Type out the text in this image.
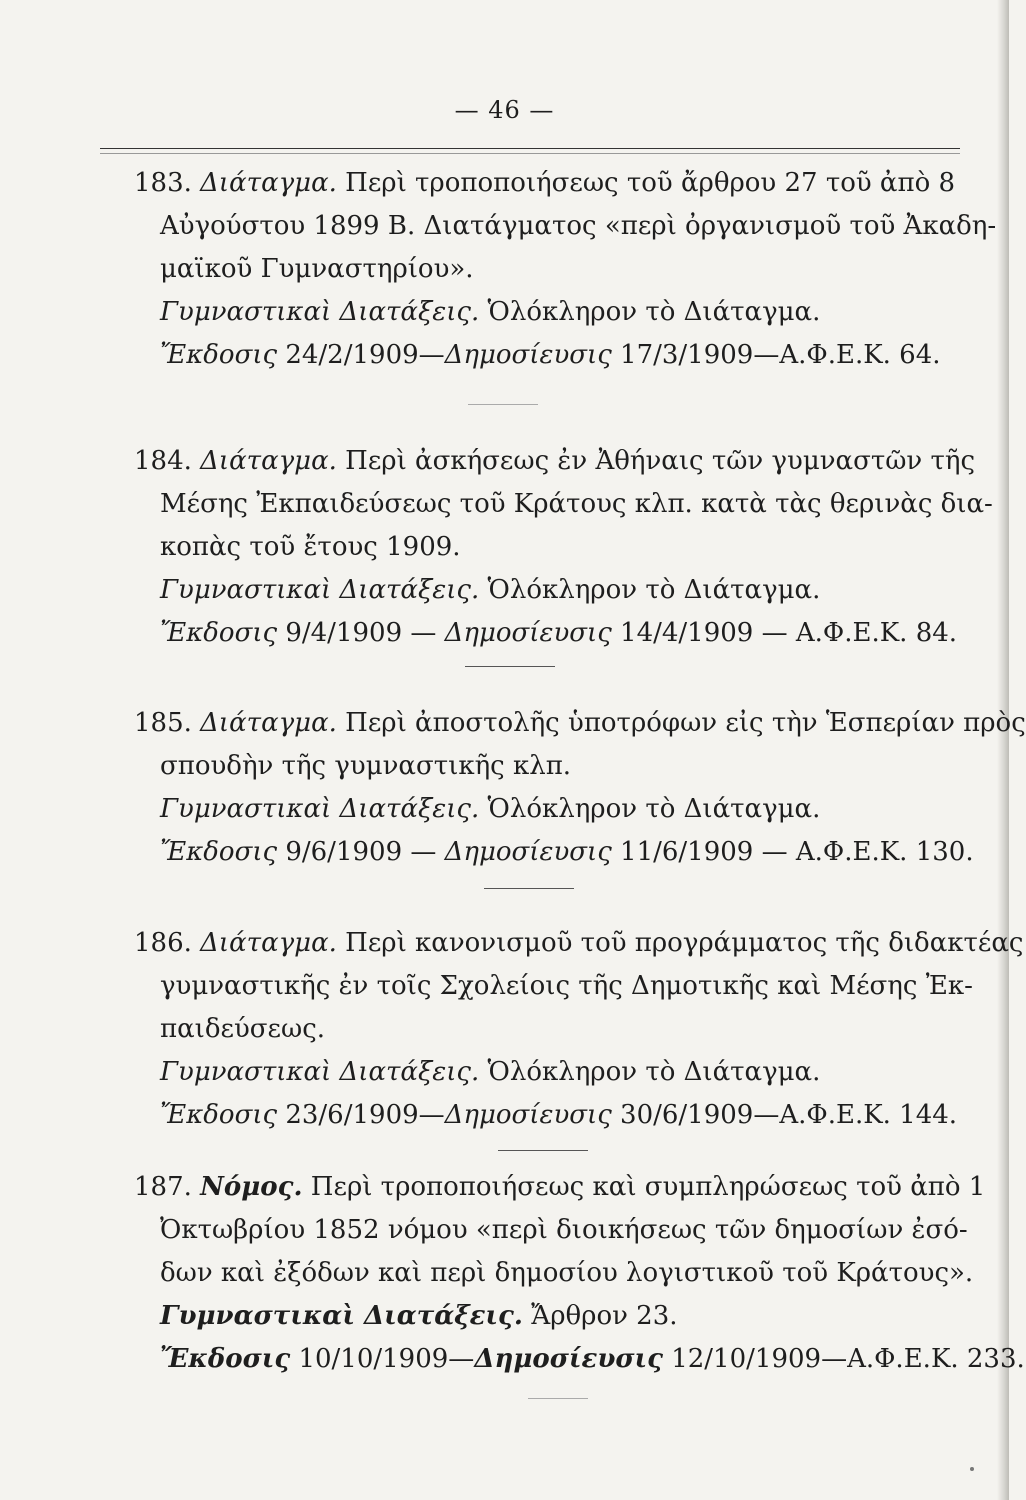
— 46 —
183. Διάταγμα. Περὶ τροποποιήσεως τοῦ ἄρθρου 27 τοῦ ἀπὸ 8
Αὐγούστου 1899 Β. Διατάγματος «περὶ ὀργανισμοῦ τοῦ Ἀκαδη-
μαϊκοῦ Γυμναστηρίου».
Γυμναστικαὶ Διατάξεις. Ὁλόκληρον τὸ Διάταγμα.
Ἔκδοσις 24/2/1909—Δημοσίευσις 17/3/1909—Α.Φ.Ε.Κ. 64.
184. Διάταγμα. Περὶ ἀσκήσεως ἐν Ἀθήναις τῶν γυμναστῶν τῆς
Μέσης Ἐκπαιδεύσεως τοῦ Κράτους κλπ. κατὰ τὰς θερινὰς δια-
κοπὰς τοῦ ἔτους 1909.
Γυμναστικαὶ Διατάξεις. Ὁλόκληρον τὸ Διάταγμα.
Ἔκδοσις 9/4/1909 — Δημοσίευσις 14/4/1909 — Α.Φ.Ε.Κ. 84.
185. Διάταγμα. Περὶ ἀποστολῆς ὑποτρόφων εἰς τὴν Ἑσπερίαν πρὸς
σπουδὴν τῆς γυμναστικῆς κλπ.
Γυμναστικαὶ Διατάξεις. Ὁλόκληρον τὸ Διάταγμα.
Ἔκδοσις 9/6/1909 — Δημοσίευσις 11/6/1909 — Α.Φ.Ε.Κ. 130.
186. Διάταγμα. Περὶ κανονισμοῦ τοῦ προγράμματος τῆς διδακτέας
γυμναστικῆς ἐν τοῖς Σχολείοις τῆς Δημοτικῆς καὶ Μέσης Ἐκ-
παιδεύσεως.
Γυμναστικαὶ Διατάξεις. Ὁλόκληρον τὸ Διάταγμα.
Ἔκδοσις 23/6/1909—Δημοσίευσις 30/6/1909—Α.Φ.Ε.Κ. 144.
187. Νόμος. Περὶ τροποποιήσεως καὶ συμπληρώσεως τοῦ ἀπὸ 1
Ὀκτωβρίου 1852 νόμου «περὶ διοικήσεως τῶν δημοσίων ἐσό-
δων καὶ ἐξόδων καὶ περὶ δημοσίου λογιστικοῦ τοῦ Κράτους».
Γυμναστικαὶ Διατάξεις. Ἄρθρον 23.
Ἔκδοσις 10/10/1909—Δημοσίευσις 12/10/1909—Α.Φ.Ε.Κ. 233.
